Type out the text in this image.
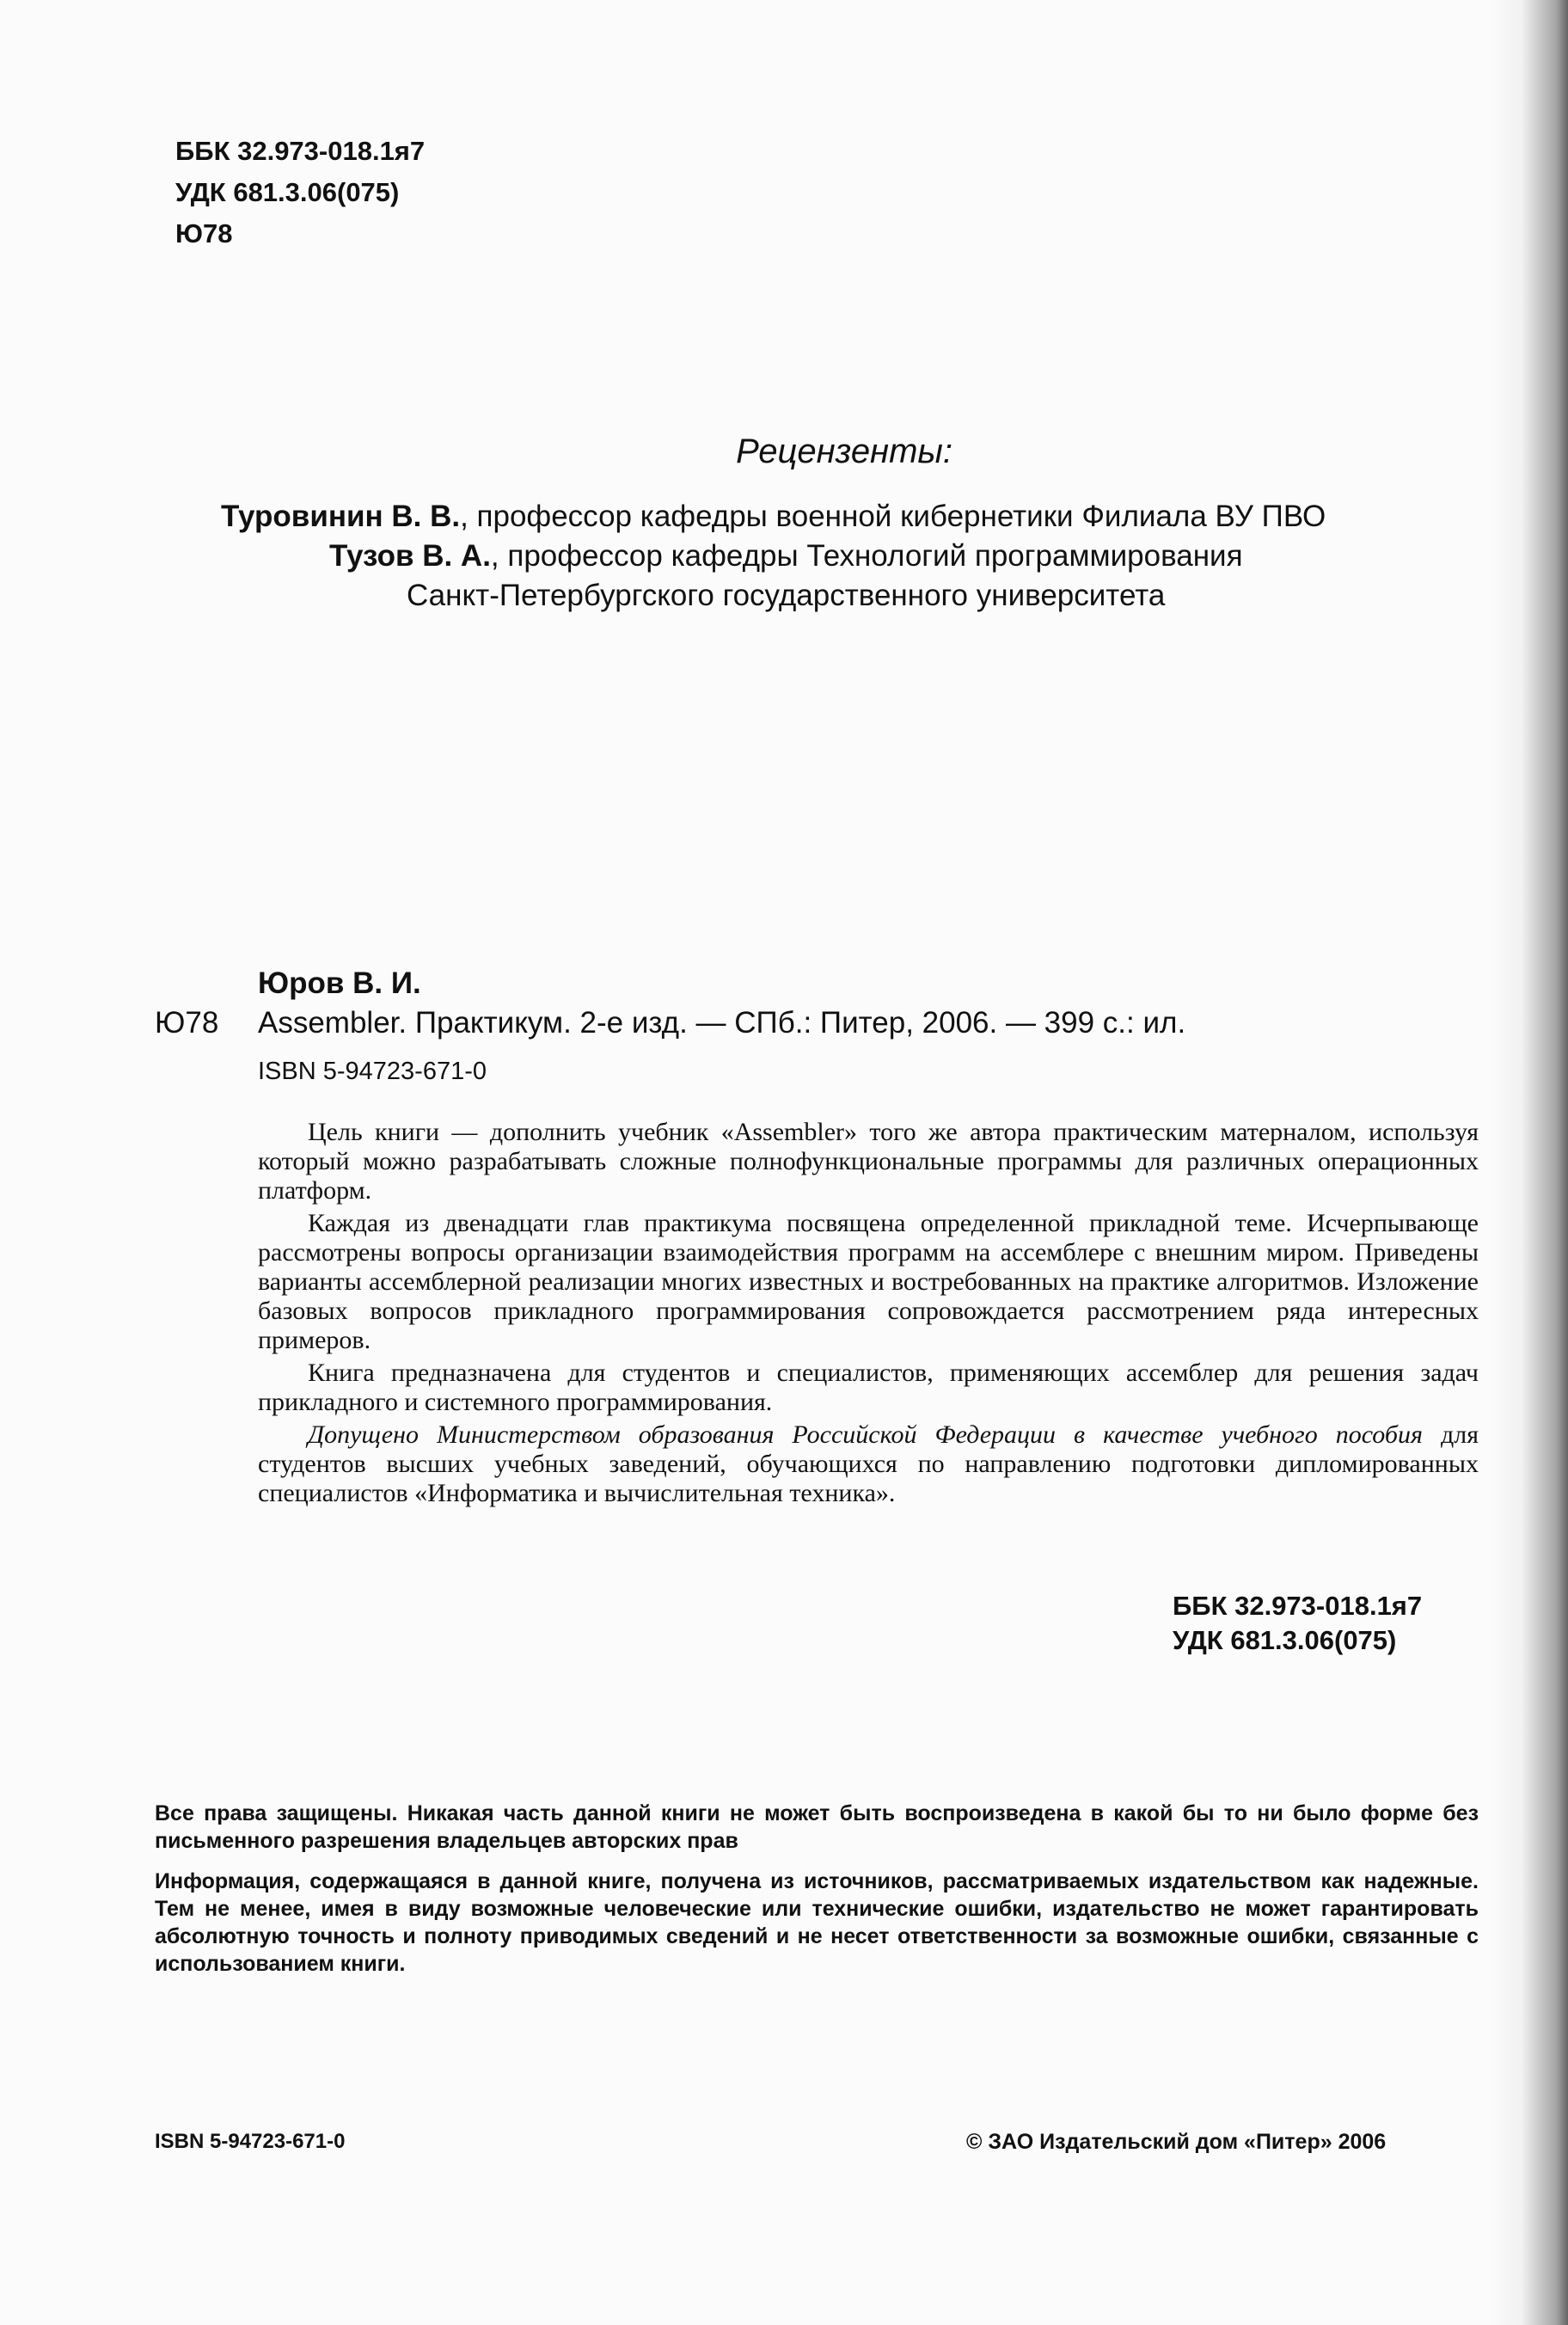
ББК 32.973-018.1я7
УДК 681.3.06(075)
Ю78
Рецензенты:
Туровинин В. В., профессор кафедры военной кибернетики Филиала ВУ ПВО
Тузов В. А., профессор кафедры Технологий программирования
Санкт-Петербургского государственного университета
Юров В. И.
Ю78 Assembler. Практикум. 2-е изд. — СПб.: Питер, 2006. — 399 с.: ил.
ISBN 5-94723-671-0

Цель книги — дополнить учебник «Assembler» того же автора практическим матерналом, используя который можно разрабатывать сложные полнофункциональные программы для различных операционных платформ.

Каждая из двенадцати глав практикума посвящена определенной прикладной теме. Исчерпывающе рассмотрены вопросы организации взаимодействия программ на ассемблере с внешним миром. Приведены варианты ассемблерной реализации многих известных и востребованных на практике алгоритмов. Изложение базовых вопросов прикладного программирования сопровождается рассмотрением ряда интересных примеров.

Книга предназначена для студентов и специалистов, применяющих ассемблер для решения задач прикладного и системного программирования.

Допущено Министерством образования Российской Федерации в качестве учебного пособия для студентов высших учебных заведений, обучающихся по направлению подготовки дипломированных специалистов «Информатика и вычислительная техника».

ББК 32.973-018.1я7
УДК 681.3.06(075)
Все права защищены. Никакая часть данной книги не может быть воспроизведена в какой бы то ни было форме без письменного разрешения владельцев авторских прав
Информация, содержащаяся в данной книге, получена из источников, рассматриваемых издательством как надежные. Тем не менее, имея в виду возможные человеческие или технические ошибки, издательство не может гарантировать абсолютную точность и полноту приводимых сведений и не несет ответственности за возможные ошибки, связанные с использованием книги.
ISBN 5-94723-671-0	© ЗАО Издательский дом «Питер» 2006
